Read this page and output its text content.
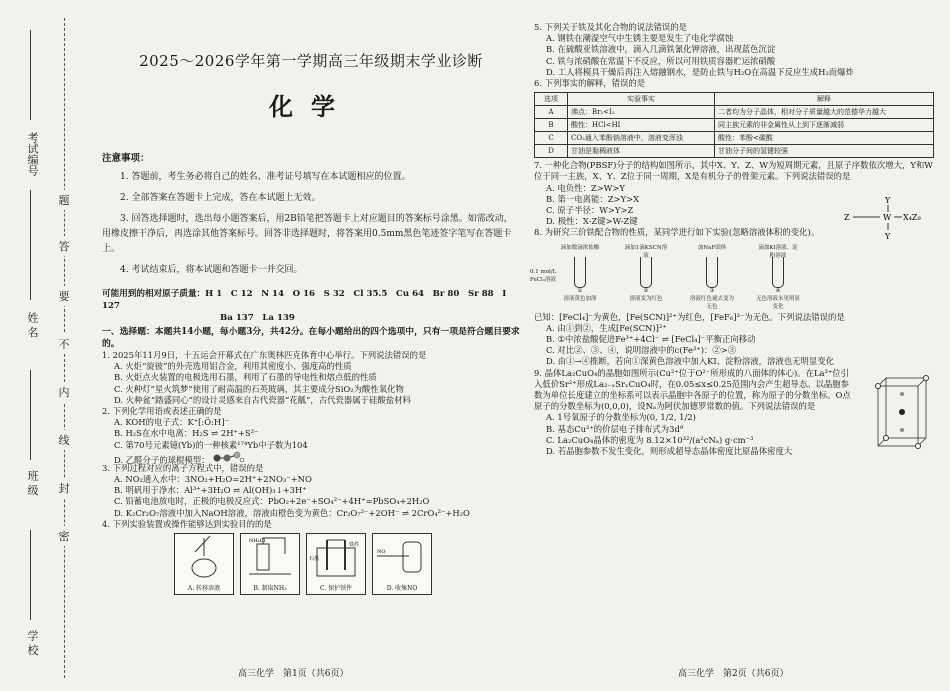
题
答
要
不
内
线
封
密
考试编号
姓 名
班 级
学 校
2025～2026学年第一学期高三年级期末学业诊断
化学
注意事项：

1. 答题前，考生务必将自己的姓名、准考证号填写在本试题相应的位置。

2. 全部答案在答题卡上完成，答在本试题上无效。

3. 回答选择题时，选出每小题答案后，用2B铅笔把答题卡上对应题目的答案标号涂黑。如需改动，用橡皮擦干净后，再选涂其他答案标号。回答非选择题时，将答案用0.5mm黑色笔迹签字笔写在答题卡上。

4. 考试结束后，将本试题和答题卡一并交回。

可能用到的相对原子质量：H 1　C 12　N 14　O 16　S 32　Cl 35.5　Cu 64　Br 80　Sr 88　I 127
Ba 137　La 139
一、选择题：本题共14小题，每小题3分，共42分。在每小题给出的四个选项中，只有一项是符合题目要求的。

1. 2025年11月9日，十五运会开幕式在广东奥林匹克体育中心举行。下列说法错误的是

A. 火炬“旋彼”的外壳选用铝合金，利用其密度小、强度高的性质

B. 火炬点火装置的电极选用石墨，利用了石墨的导电性和熔点低的性质

C. 火种灯“星火筑梦”使用了耐高温的石英玻璃，其主要成分SiO₂为酸性氧化物

D. 火种盆“踏盛同心”的设计灵感来自古代瓷器“花觚”，古代瓷器属于硅酸盐材料

2. 下列化学用语或表述正确的是

A. KOH的电子式：K⁺[:Ö:H]⁻

B. H₂S在水中电离：H₂S ⇌ 2H⁺+S²⁻

C. 第70号元素镱(Yb)的一种核素¹⁷⁴Yb中子数为104

D. 乙醛分子的球棍模型：

3. 下列过程对应的离子方程式中，错误的是

A. NO₂通入水中：3NO₂+H₂O=2H⁺+2NO₃⁻+NO

B. 明矾用于净水：Al³⁺+3H₂O ⇌ Al(OH)₃↓+3H⁺

C. 铅蓄电池放电时，正极的电极反应式：PbO₂+2e⁻+SO₄²⁻+4H⁺=PbSO₄+2H₂O

D. K₂Cr₂O₇溶液中加入NaOH溶液，溶液由橙色变为黄色：Cr₂O₇²⁻+2OH⁻ ⇌ 2CrO₄²⁻+H₂O

4. 下列实验装置或操作能够达到实验目的的是

A. 转移溶液
NH₄Cl
B. 制取NH₃
石墨
铁件
C. 保护铁件
NO
D. 收集NO

5. 下列关于铁及其化合物的说法错误的是

A. 钢铁在潮湿空气中生锈主要是发生了电化学腐蚀

B. 在硫酸亚铁溶液中，滴入几滴铁氰化钾溶液，出现蓝色沉淀

C. 铁与浓硝酸在常温下不反应，所以可用铁质容器贮运浓硝酸

D. 工人将模具干燥后再注入熔融钢水，是防止铁与H₂O在高温下反应生成H₂而爆炸

6. 下列事实的解释，错误的是

选项	实验事实	解释
A	沸点：Br₂<I₂	二者均为分子晶体，相对分子质量越大的范德华力越大
B	酸性：HCl<HI	同主族元素的非金属性从上到下逐渐减弱
C	CO₂通入苯酚钠溶液中，溶液变浑浊	酸性：苯酚<碳酸
D	甘油是黏稠液体	甘油分子间的氢键较强

7. 一种化合物(PBSF)分子的结构如图所示，其中X、Y、Z、W为短周期元素，且原子序数依次增大，Y和W位于同一主族，X、Y、Z位于同一周期，X是有机分子的骨架元素。下列说法错误的是

A. 电负性：Z>W>Y

B. 第一电离能：Z>Y>X

C. 原子半径：W>Y>Z

D. 极性：X-Z键>W-Z键

Y
Z	W X₄Z₉
Y

8. 为研究三价铁配合物的性质，某同学进行如下实验(忽略溶液体积的变化)。

0.1 mol/L FeCl₃溶液
滴加数滴浓盐酸
①
溶液黄色加深
滴加1滴KSCN溶液
②
溶液变为红色
加NaF固体
③
溶液红色褪去变为无色
滴加KI溶液、淀粉溶液
④
无色溶液未见明显变化

已知：[FeCl₄]⁻为黄色，[Fe(SCN)]²⁺为红色，[FeF₆]³⁻为无色。下列说法错误的是

A. 由①到②，生成[Fe(SCN)]²⁺

B. ①中浓盐酸促进Fe³⁺+4Cl⁻ ⇌ [FeCl₄]⁻平衡正向移动

C. 对比②、③、④，说明溶液中的c(Fe³⁺)：②>③

D. 由①→④推断，若向①深黄色溶液中加入KI、淀粉溶液，溶液也无明显变化

9. 晶体La₂CuO₄的晶胞如图所示(Cu²⁺位于O²⁻所形成的八面体的体心)。在La³⁺位引入低价Sr²⁺形成La₂₋ₓSrₓCuO₄时，在0.05≤x≤0.25范围内会产生超导态。以晶胞参数为单位长度建立的坐标系可以表示晶胞中各原子的位置，称为原子的分数坐标。O点原子的分数坐标为(0,0,0)，设Nₐ为阿伏加德罗常数的值。下列说法错误的是

A. 1号氧原子的分数坐标为(0, 1/2, 1/2)

B. 基态Cu²⁺的价层电子排布式为3d⁹

C. La₂CuO₄晶体的密度为 8.12×10³²/(a²cNₐ) g·cm⁻³

D. 若晶胞参数不发生变化，则形成超导态晶体密度比原晶体密度大

高三化学　第1页（共6页）	高三化学　第2页（共6页）
